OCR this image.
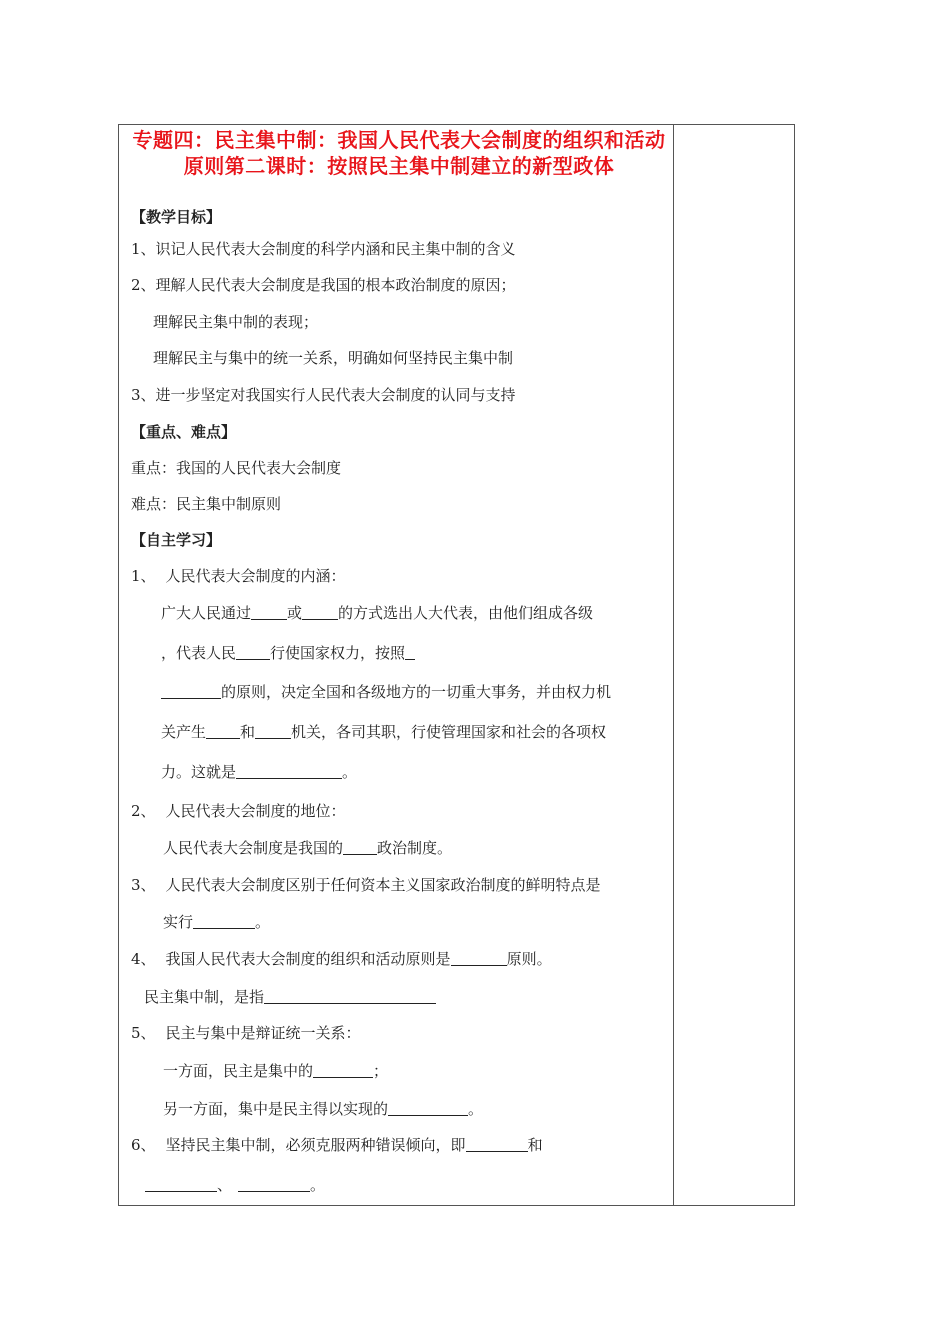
专题四：民主集中制：我国人民代表大会制度的组织和活动原则第二课时：按照民主集中制建立的新型政体
【教学目标】
1、识记人民代表大会制度的科学内涵和民主集中制的含义
2、理解人民代表大会制度是我国的根本政治制度的原因；
理解民主集中制的表现；
理解民主与集中的统一关系，明确如何坚持民主集中制
3、进一步坚定对我国实行人民代表大会制度的认同与支持
【重点、难点】
重点：我国的人民代表大会制度
难点：民主集中制原则
【自主学习】
1、 人民代表大会制度的内涵：
广大人民通过 或 的方式选出人大代表，由他们组成各级
，代表人民 行使国家权力，按照
的原则，决定全国和各级地方的一切重大事务，并由权力机
关产生 和 机关，各司其职，行使管理国家和社会的各项权
力。这就是	。
2、 人民代表大会制度的地位：
人民代表大会制度是我国的 政治制度。
3、 人民代表大会制度区别于任何资本主义国家政治制度的鲜明特点是
实行	。
4、 我国人民代表大会制度的组织和活动原则是	原则。
民主集中制，是指
5、 民主与集中是辩证统一关系：
一方面，民主是集中的	；
另一方面，集中是民主得以实现的	。
6、 坚持民主集中制，必须克服两种错误倾向，即	和
、	。
